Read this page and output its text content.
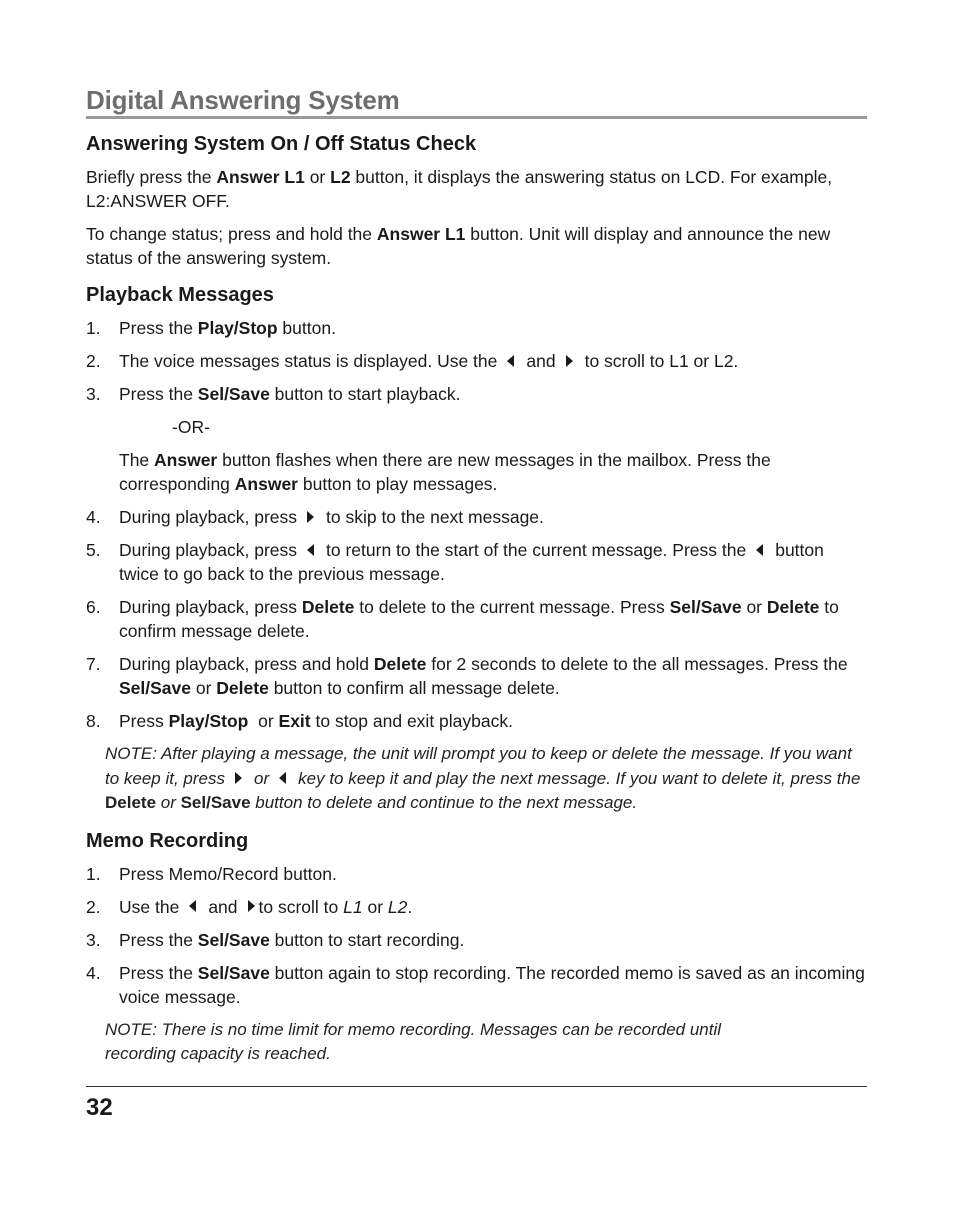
Digital Answering System
Answering System On / Off Status Check

Briefly press the Answer L1 or L2 button, it displays the answering status on LCD. For example, L2:ANSWER OFF.

To change status; press and hold the Answer L1 button. Unit will display and announce the new status of the answering system.

Playback Messages
1. Press the Play/Stop button.
2. The voice messages status is displayed. Use the and to scroll to L1 or L2.
3. Press the Sel/Save button to start playback.

-OR-

The Answer button flashes when there are new messages in the mailbox. Press the corresponding Answer button to play messages.

4. During playback, press to skip to the next message.
5. During playback, press to return to the start of the current message. Press the button twice to go back to the previous message.
6. During playback, press Delete to delete to the current message. Press Sel/Save or Delete to confirm message delete.
7. During playback, press and hold Delete for 2 seconds to delete to the all messages. Press the Sel/Save or Delete button to confirm all message delete.
8. Press Play/Stop  or Exit to stop and exit playback.

NOTE: After playing a message, the unit will prompt you to keep or delete the message. If you want to keep it, press or key to keep it and play the next message. If you want to delete it, press the Delete or Sel/Save button to delete and continue to the next message.

Memo Recording
1. Press Memo/Record button.
2. Use the and to scroll to L1 or L2.
3. Press the Sel/Save button to start recording.
4. Press the Sel/Save button again to stop recording. The recorded memo is saved as an incoming voice message.

NOTE: There is no time limit for memo recording. Messages can be recorded until recording capacity is reached.

32
